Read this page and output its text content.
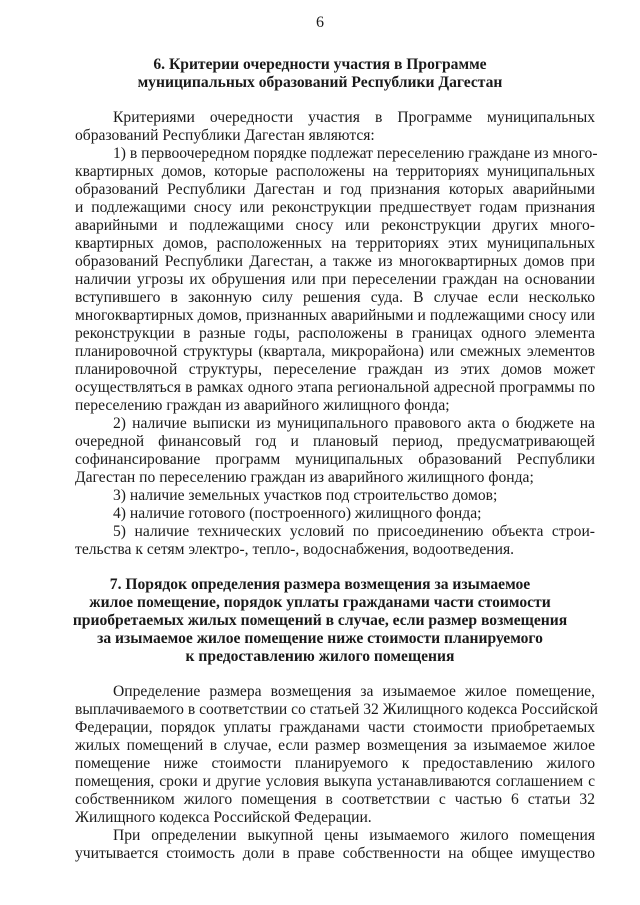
6
6. Критерии очередности участия в Программе
муниципальных образований Республики Дагестан
Критериями очередности участия в Программе муниципальных
образований Республики Дагестан являются:
1) в первоочередном порядке подлежат переселению граждане из много-
квартирных домов, которые расположены на территориях муниципальных
образований Республики Дагестан и год признания которых аварийными
и подлежащими сносу или реконструкции предшествует годам признания
аварийными и подлежащими сносу или реконструкции других много-
квартирных домов, расположенных на территориях этих муниципальных
образований Республики Дагестан, а также из многоквартирных домов при
наличии угрозы их обрушения или при переселении граждан на основании
вступившего в законную силу решения суда. В случае если несколько
многоквартирных домов, признанных аварийными и подлежащими сносу или
реконструкции в разные годы, расположены в границах одного элемента
планировочной структуры (квартала, микрорайона) или смежных элементов
планировочной структуры, переселение граждан из этих домов может
осуществляться в рамках одного этапа региональной адресной программы по
переселению граждан из аварийного жилищного фонда;
2) наличие выписки из муниципального правового акта о бюджете на
очередной финансовый год и плановый период, предусматривающей
софинансирование программ муниципальных образований Республики
Дагестан по переселению граждан из аварийного жилищного фонда;
3) наличие земельных участков под строительство домов;
4) наличие готового (построенного) жилищного фонда;
5) наличие технических условий по присоединению объекта строи-
тельства к сетям электро-, тепло-, водоснабжения, водоотведения.
7. Порядок определения размера возмещения за изымаемое
жилое помещение, порядок уплаты гражданами части стоимости
приобретаемых жилых помещений в случае, если размер возмещения
за изымаемое жилое помещение ниже стоимости планируемого
к предоставлению жилого помещения
Определение размера возмещения за изымаемое жилое помещение,
выплачиваемого в соответствии со статьей 32 Жилищного кодекса Российской
Федерации, порядок уплаты гражданами части стоимости приобретаемых
жилых помещений в случае, если размер возмещения за изымаемое жилое
помещение ниже стоимости планируемого к предоставлению жилого
помещения, сроки и другие условия выкупа устанавливаются соглашением с
собственником жилого помещения в соответствии с частью 6 статьи 32
Жилищного кодекса Российской Федерации.
При определении выкупной цены изымаемого жилого помещения
учитывается стоимость доли в праве собственности на общее имущество
